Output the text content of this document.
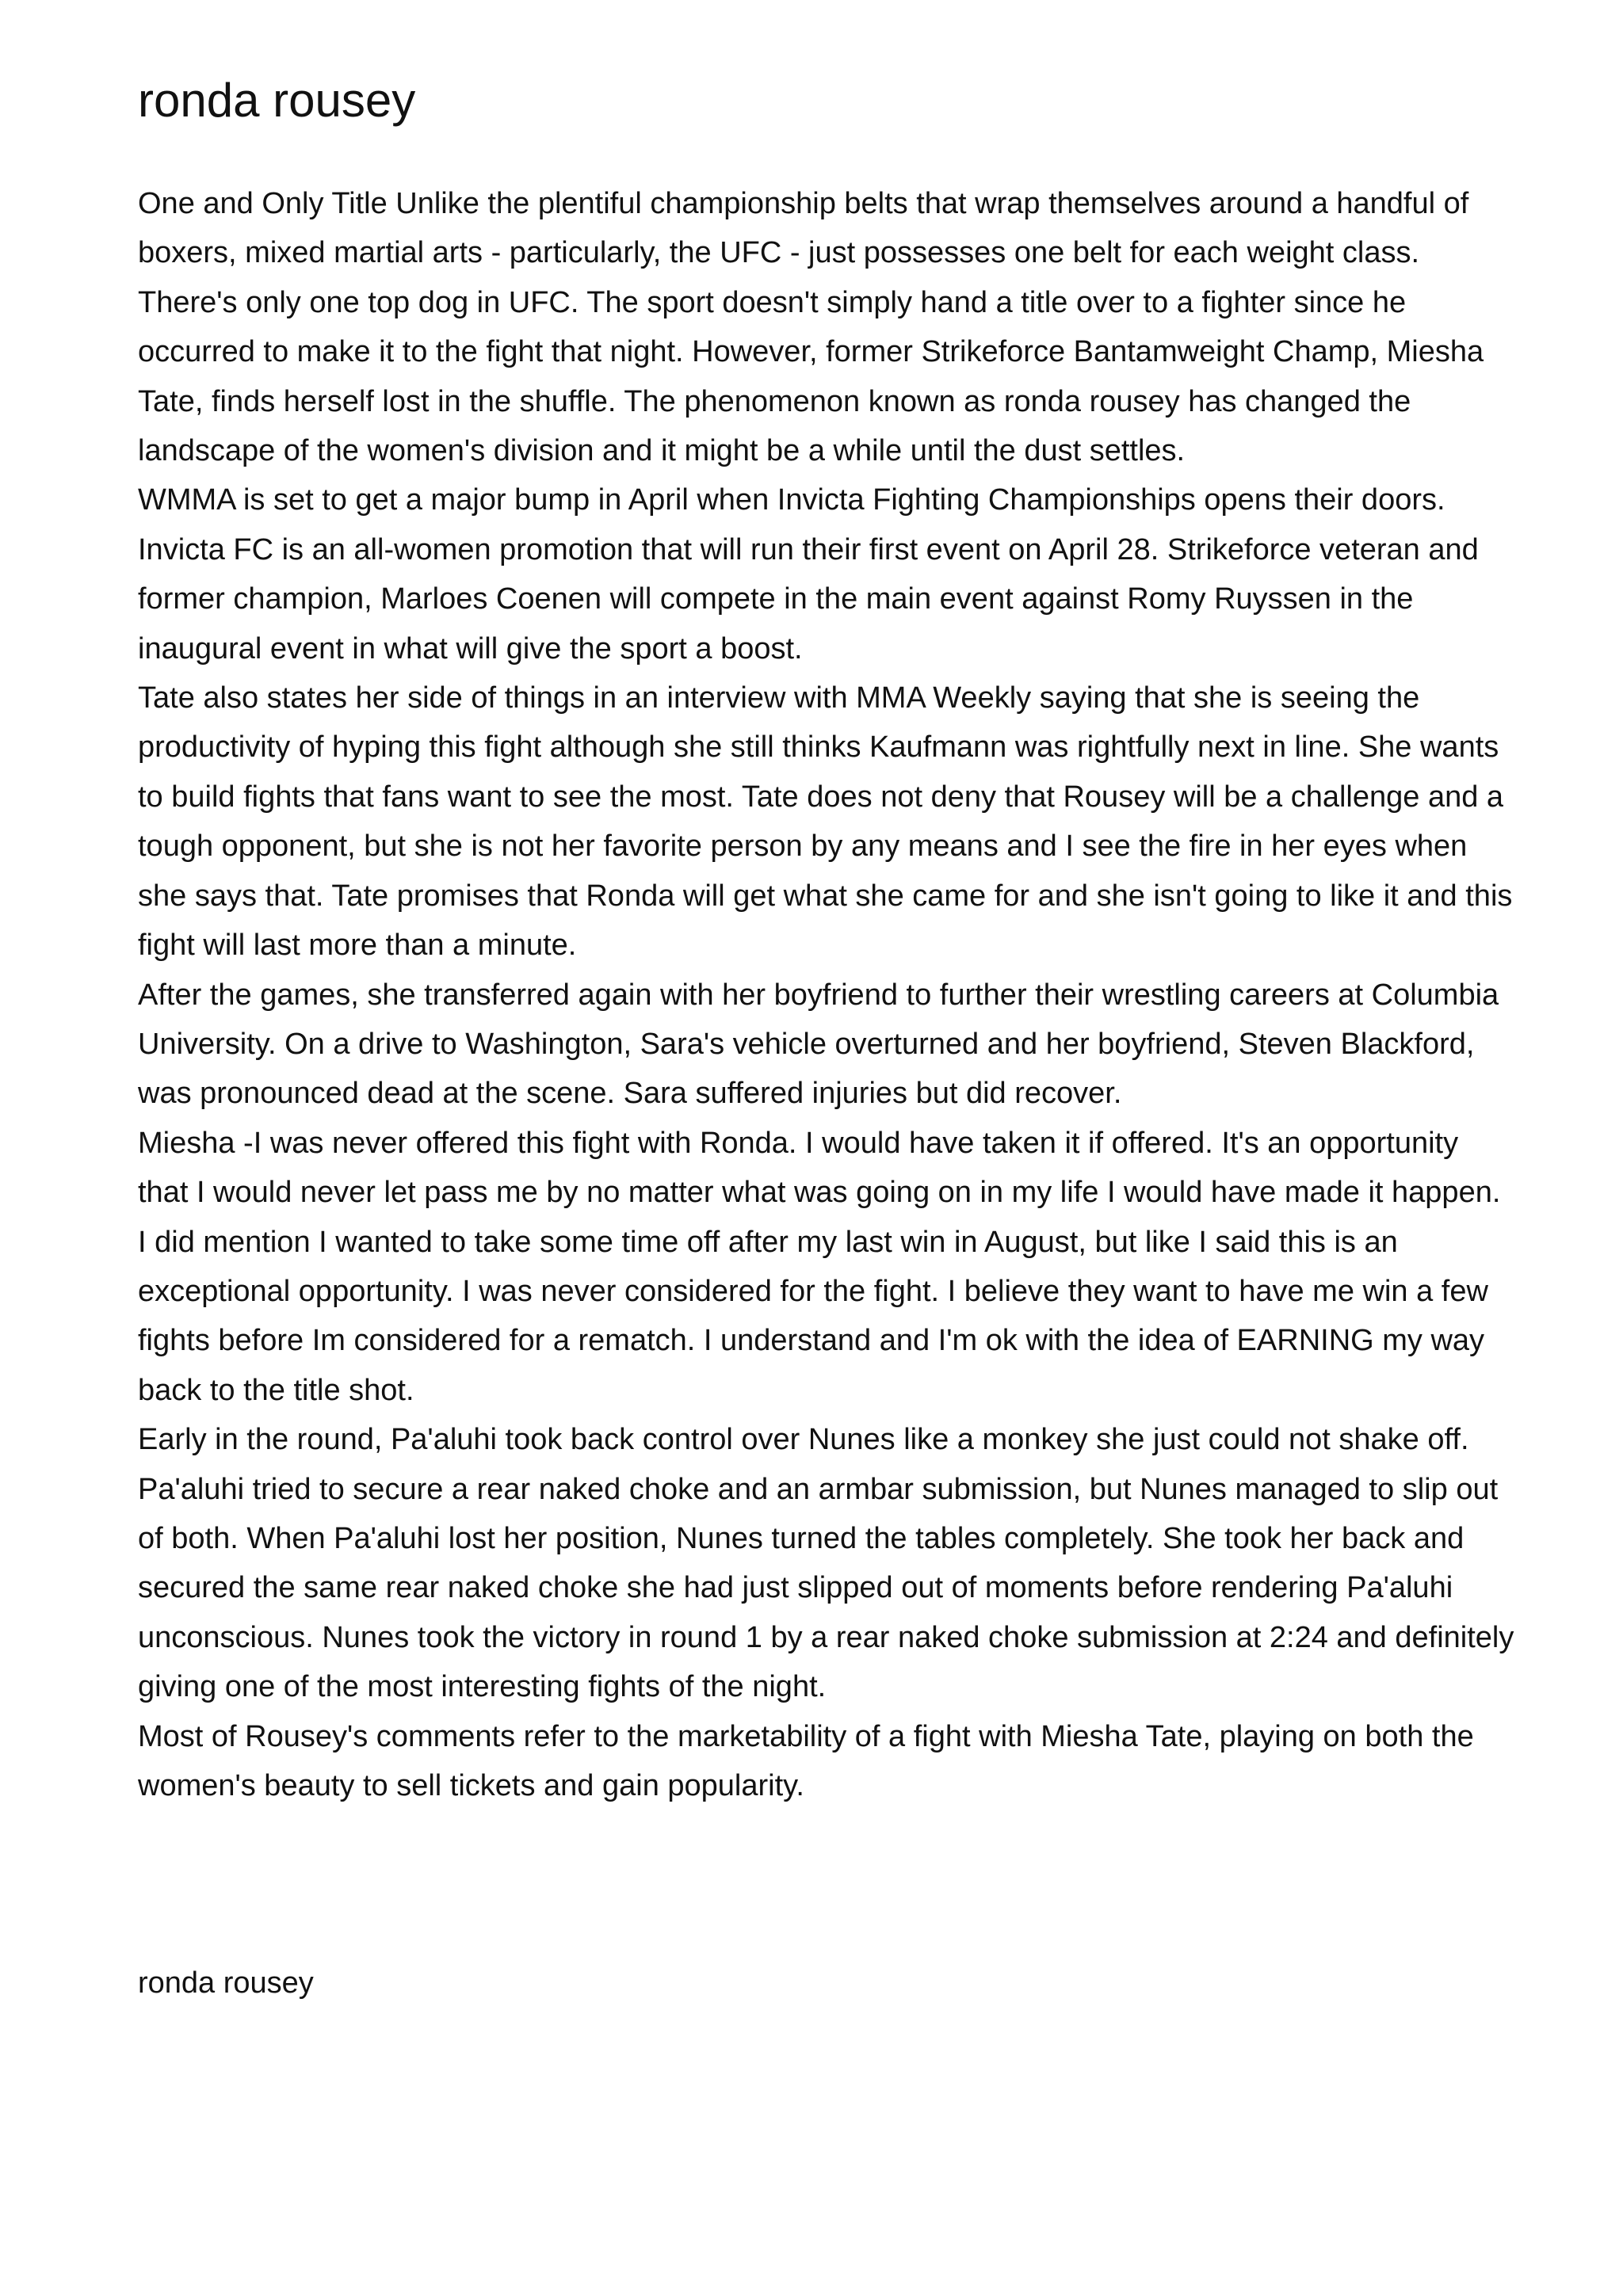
ronda rousey

One and Only Title Unlike the plentiful championship belts that wrap themselves around a handful of boxers, mixed martial arts - particularly, the UFC - just possesses one belt for each weight class. There's only one top dog in UFC. The sport doesn't simply hand a title over to a fighter since he occurred to make it to the fight that night. However, former Strikeforce Bantamweight Champ, Miesha Tate, finds herself lost in the shuffle. The phenomenon known as ronda rousey has changed the landscape of the women's division and it might be a while until the dust settles.

WMMA is set to get a major bump in April when Invicta Fighting Championships opens their doors. Invicta FC is an all-women promotion that will run their first event on April 28. Strikeforce veteran and former champion, Marloes Coenen will compete in the main event against Romy Ruyssen in the inaugural event in what will give the sport a boost.

Tate also states her side of things in an interview with MMA Weekly saying that she is seeing the productivity of hyping this fight although she still thinks Kaufmann was rightfully next in line. She wants to build fights that fans want to see the most. Tate does not deny that Rousey will be a challenge and a tough opponent, but she is not her favorite person by any means and I see the fire in her eyes when she says that. Tate promises that Ronda will get what she came for and she isn't going to like it and this fight will last more than a minute.

After the games, she transferred again with her boyfriend to further their wrestling careers at Columbia University. On a drive to Washington, Sara's vehicle overturned and her boyfriend, Steven Blackford, was pronounced dead at the scene. Sara suffered injuries but did recover.

Miesha -I was never offered this fight with Ronda. I would have taken it if offered. It's an opportunity that I would never let pass me by no matter what was going on in my life I would have made it happen. I did mention I wanted to take some time off after my last win in August, but like I said this is an exceptional opportunity. I was never considered for the fight. I believe they want to have me win a few fights before Im considered for a rematch. I understand and I'm ok with the idea of EARNING my way back to the title shot.

Early in the round, Pa'aluhi took back control over Nunes like a monkey she just could not shake off. Pa'aluhi tried to secure a rear naked choke and an armbar submission, but Nunes managed to slip out of both. When Pa'aluhi lost her position, Nunes turned the tables completely. She took her back and secured the same rear naked choke she had just slipped out of moments before rendering Pa'aluhi unconscious. Nunes took the victory in round 1 by a rear naked choke submission at 2:24 and definitely giving one of the most interesting fights of the night.

Most of Rousey's comments refer to the marketability of a fight with Miesha Tate, playing on both the women's beauty to sell tickets and gain popularity.

ronda rousey
